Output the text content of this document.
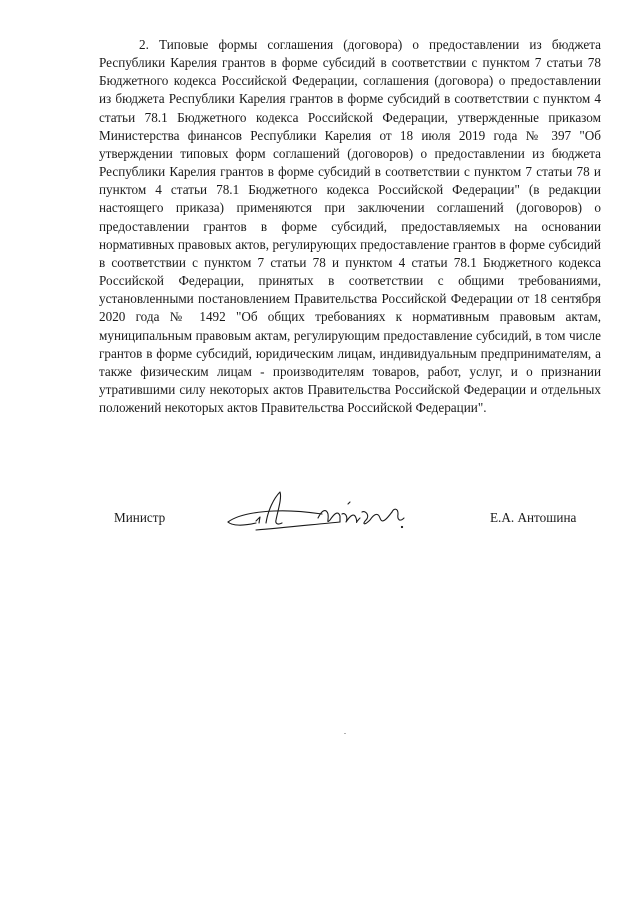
2. Типовые формы соглашения (договора) о предоставлении из бюджета Республики Карелия грантов в форме субсидий в соответствии с пунктом 7 статьи 78 Бюджетного кодекса Российской Федерации, соглашения (договора) о предоставлении из бюджета Республики Карелия грантов в форме субсидий в соответствии с пунктом 4 статьи 78.1 Бюджетного кодекса Российской Федерации, утвержденные приказом Министерства финансов Республики Карелия от 18 июля 2019 года № 397 "Об утверждении типовых форм соглашений (договоров) о предоставлении из бюджета Республики Карелия грантов в форме субсидий в соответствии с пунктом 7 статьи 78 и пунктом 4 статьи 78.1 Бюджетного кодекса Российской Федерации" (в редакции настоящего приказа) применяются при заключении соглашений (договоров) о предоставлении грантов в форме субсидий, предоставляемых на основании нормативных правовых актов, регулирующих предоставление грантов в форме субсидий в соответствии с пунктом 7 статьи 78 и пунктом 4 статьи 78.1 Бюджетного кодекса Российской Федерации, принятых в соответствии с общими требованиями, установленными постановлением Правительства Российской Федерации от 18 сентября 2020 года № 1492 "Об общих требованиях к нормативным правовым актам, муниципальным правовым актам, регулирующим предоставление субсидий, в том числе грантов в форме субсидий, юридическим лицам, индивидуальным предпринимателям, а также физическим лицам - производителям товаров, работ, услуг, и о признании утратившими силу некоторых актов Правительства Российской Федерации и отдельных положений некоторых актов Правительства Российской Федерации".

Министр	Е.А. Антошина
